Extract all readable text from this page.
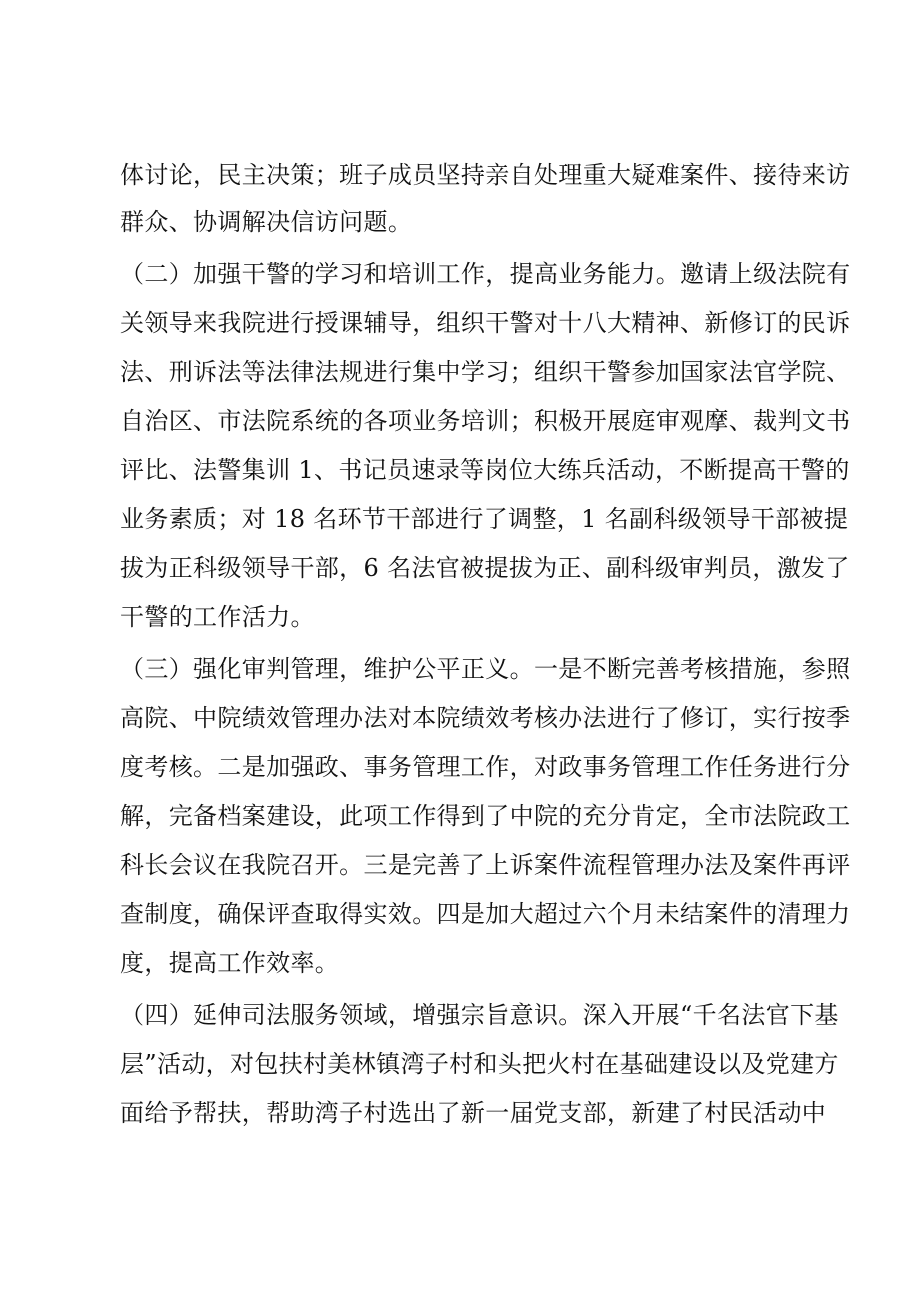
体讨论，民主决策；班子成员坚持亲自处理重大疑难案件、接待来访

群众、协调解决信访问题。

（二）加强干警的学习和培训工作，提高业务能力。邀请上级法院有

关领导来我院进行授课辅导，组织干警对十八大精神、新修订的民诉

法、刑诉法等法律法规进行集中学习；组织干警参加国家法官学院、

自治区、市法院系统的各项业务培训；积极开展庭审观摩、裁判文书

评比、法警集训 1、书记员速录等岗位大练兵活动，不断提高干警的

业务素质；对 18 名环节干部进行了调整，1 名副科级领导干部被提

拔为正科级领导干部，6 名法官被提拔为正、副科级审判员，激发了

干警的工作活力。

（三）强化审判管理，维护公平正义。一是不断完善考核措施，参照

高院、中院绩效管理办法对本院绩效考核办法进行了修订，实行按季

度考核。二是加强政、事务管理工作，对政事务管理工作任务进行分

解，完备档案建设，此项工作得到了中院的充分肯定，全市法院政工

科长会议在我院召开。三是完善了上诉案件流程管理办法及案件再评

查制度，确保评查取得实效。四是加大超过六个月未结案件的清理力

度，提高工作效率。

（四）延伸司法服务领域，增强宗旨意识。深入开展“千名法官下基

层”活动，对包扶村美林镇湾子村和头把火村在基础建设以及党建方

面给予帮扶，帮助湾子村选出了新一届党支部，新建了村民活动中
